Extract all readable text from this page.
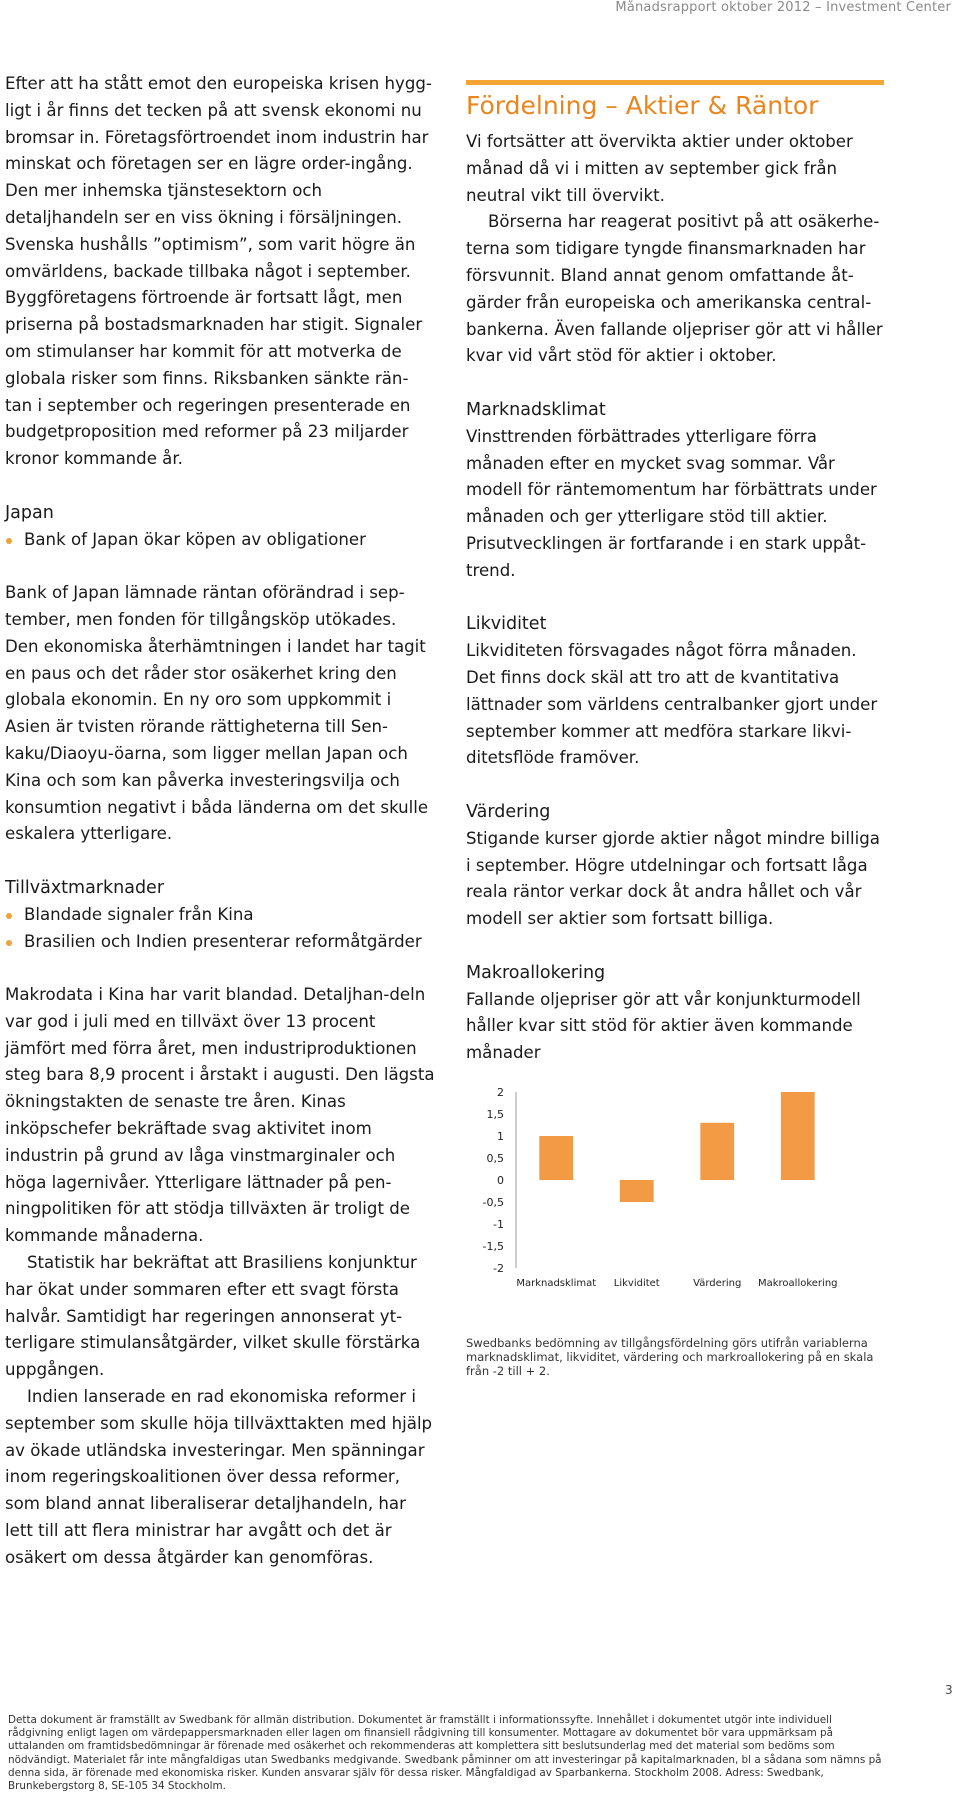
Månadsrapport oktober 2012 – Investment Center

Efter att ha stått emot den europeiska krisen hygg-ligt i år finns det tecken på att svensk ekonomi nu bromsar in. Företagsförtroendet inom industrin har minskat och företagen ser en lägre order-ingång. Den mer inhemska tjänstesektorn och detaljhandeln ser en viss ökning i försäljningen. Svenska hushålls ”optimism”, som varit högre än omvärldens, backade tillbaka något i september. Byggföretagens förtroende är fortsatt lågt, men priserna på bostadsmarknaden har stigit. Signaler om stimulanser har kommit för att motverka de globala risker som finns. Riksbanken sänkte rän-tan i september och regeringen presenterade en budgetproposition med reformer på 23 miljarder kronor kommande år.

Japan
Bank of Japan ökar köpen av obligationer

Bank of Japan lämnade räntan oförändrad i sep-tember, men fonden för tillgångsköp utökades. Den ekonomiska återhämtningen i landet har tagit en paus och det råder stor osäkerhet kring den globala ekonomin. En ny oro som uppkommit i Asien är tvisten rörande rättigheterna till Sen-kaku/Diaoyu-öarna, som ligger mellan Japan och Kina och som kan påverka investeringsvilja och konsumtion negativt i båda länderna om det skulle eskalera ytterligare.

Tillväxtmarknader
Blandade signaler från Kina
Brasilien och Indien presenterar reformåtgärder

Makrodata i Kina har varit blandad. Detaljhan-deln var god i juli med en tillväxt över 13 procent jämfört med förra året, men industriproduktionen steg bara 8,9 procent i årstakt i augusti. Den lägsta ökningstakten de senaste tre åren. Kinas inköpschefer bekräftade svag aktivitet inom industrin på grund av låga vinstmarginaler och höga lagernivåer. Ytterligare lättnader på pen-ningpolitiken för att stödja tillväxten är troligt de kommande månaderna.

Statistik har bekräftat att Brasiliens konjunktur har ökat under sommaren efter ett svagt första halvår. Samtidigt har regeringen annonserat yt-terligare stimulansåtgärder, vilket skulle förstärka uppgången.

Indien lanserade en rad ekonomiska reformer i september som skulle höja tillväxttakten med hjälp av ökade utländska investeringar. Men spänningar inom regeringskoalitionen över dessa reformer, som bland annat liberaliserar detaljhandeln, har lett till att flera ministrar har avgått och det är osäkert om dessa åtgärder kan genomföras.

Fördelning – Aktier & Räntor

Vi fortsätter att övervikta aktier under oktober månad då vi i mitten av september gick från neutral vikt till övervikt.

Börserna har reagerat positivt på att osäkerhe-terna som tidigare tyngde finansmarknaden har försvunnit. Bland annat genom omfattande åt-gärder från europeiska och amerikanska central-bankerna. Även fallande oljepriser gör att vi håller kvar vid vårt stöd för aktier i oktober.

Marknadsklimat
Vinsttrenden förbättrades ytterligare förra månaden efter en mycket svag sommar. Vår modell för räntemomentum har förbättrats under månaden och ger ytterligare stöd till aktier. Prisutvecklingen är fortfarande i en stark uppåt-trend.
Likviditet
Likviditeten försvagades något förra månaden. Det finns dock skäl att tro att de kvantitativa lättnader som världens centralbanker gjort under september kommer att medföra starkare likvi-ditetsflöde framöver.
Värdering
Stigande kurser gjorde aktier något mindre billiga i september. Högre utdelningar och fortsatt låga reala räntor verkar dock åt andra hållet och vår modell ser aktier som fortsatt billiga.
Makroallokering
Fallande oljepriser gör att vår konjunkturmodell håller kvar sitt stöd för aktier även kommande månader
2
1,5
1
0,5
0
-0,5
-1
-1,5
-2
Marknadsklimat Likviditet	Värdering Makroallokering
Swedbanks bedömning av tillgångsfördelning görs utifrån variablerna marknadsklimat, likviditet, värdering och markroallokering på en skala från -2 till + 2.
3
Detta dokument är framställt av Swedbank för allmän distribution. Dokumentet är framställt i informationssyfte. Innehållet i dokumentet utgör inte individuell rådgivning enligt lagen om värdepappersmarknaden eller lagen om finansiell rådgivning till konsumenter. Mottagare av dokumentet bör vara uppmärksam på uttalanden om framtidsbedömningar är förenade med osäkerhet och rekommenderas att komplettera sitt beslutsunderlag med det material som bedöms som nödvändigt. Materialet får inte mångfaldigas utan Swedbanks medgivande. Swedbank påminner om att investeringar på kapitalmarknaden, bl a sådana som nämns på denna sida, är förenade med ekonomiska risker. Kunden ansvarar själv för dessa risker. Mångfaldigad av Sparbankerna. Stockholm 2008. Adress: Swedbank, Brunkebergstorg 8, SE-105 34 Stockholm.
